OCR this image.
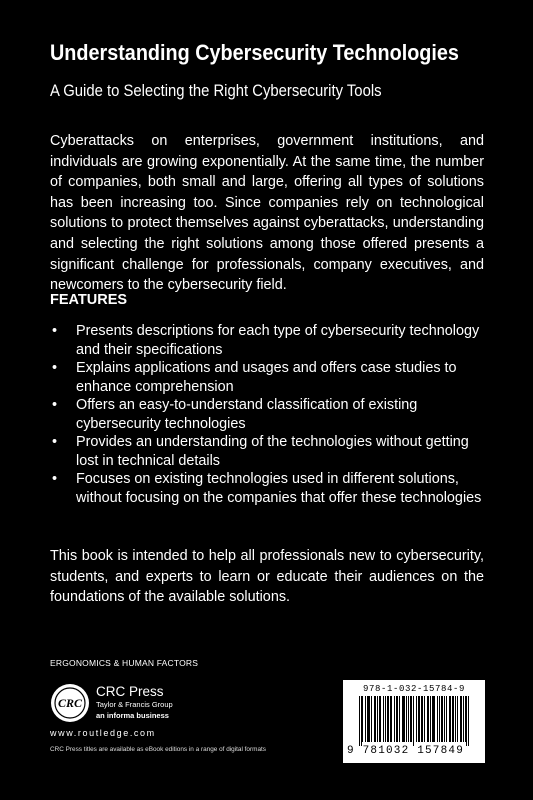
Understanding Cybersecurity Technologies
A Guide to Selecting the Right Cybersecurity Tools
Cyberattacks on enterprises, government institutions, and individuals are growing exponentially. At the same time, the number of companies, both small and large, offering all types of solutions has been increasing too. Since companies rely on technological solutions to protect themselves against cyberattacks, understanding and selecting the right solutions among those offered presents a significant challenge for professionals, company executives, and newcomers to the cybersecurity field.
FEATURES
• Presents descriptions for each type of cybersecurity technology and their specifications
• Explains applications and usages and offers case studies to enhance comprehension
• Offers an easy-to-understand classification of existing cybersecurity technologies
• Provides an understanding of the technologies without getting lost in technical details
• Focuses on existing technologies used in different solutions, without focusing on the companies that offer these technologies
This book is intended to help all professionals new to cybersecurity, students, and experts to learn or educate their audiences on the foundations of the available solutions.
ERGONOMICS & HUMAN FACTORS
CRC
CRC Press
Taylor & Francis Group
an informa business
www.routledge.com
CRC Press titles are available as eBook editions in a range of digital formats
978-1-032-15784-9
9 781032 157849
